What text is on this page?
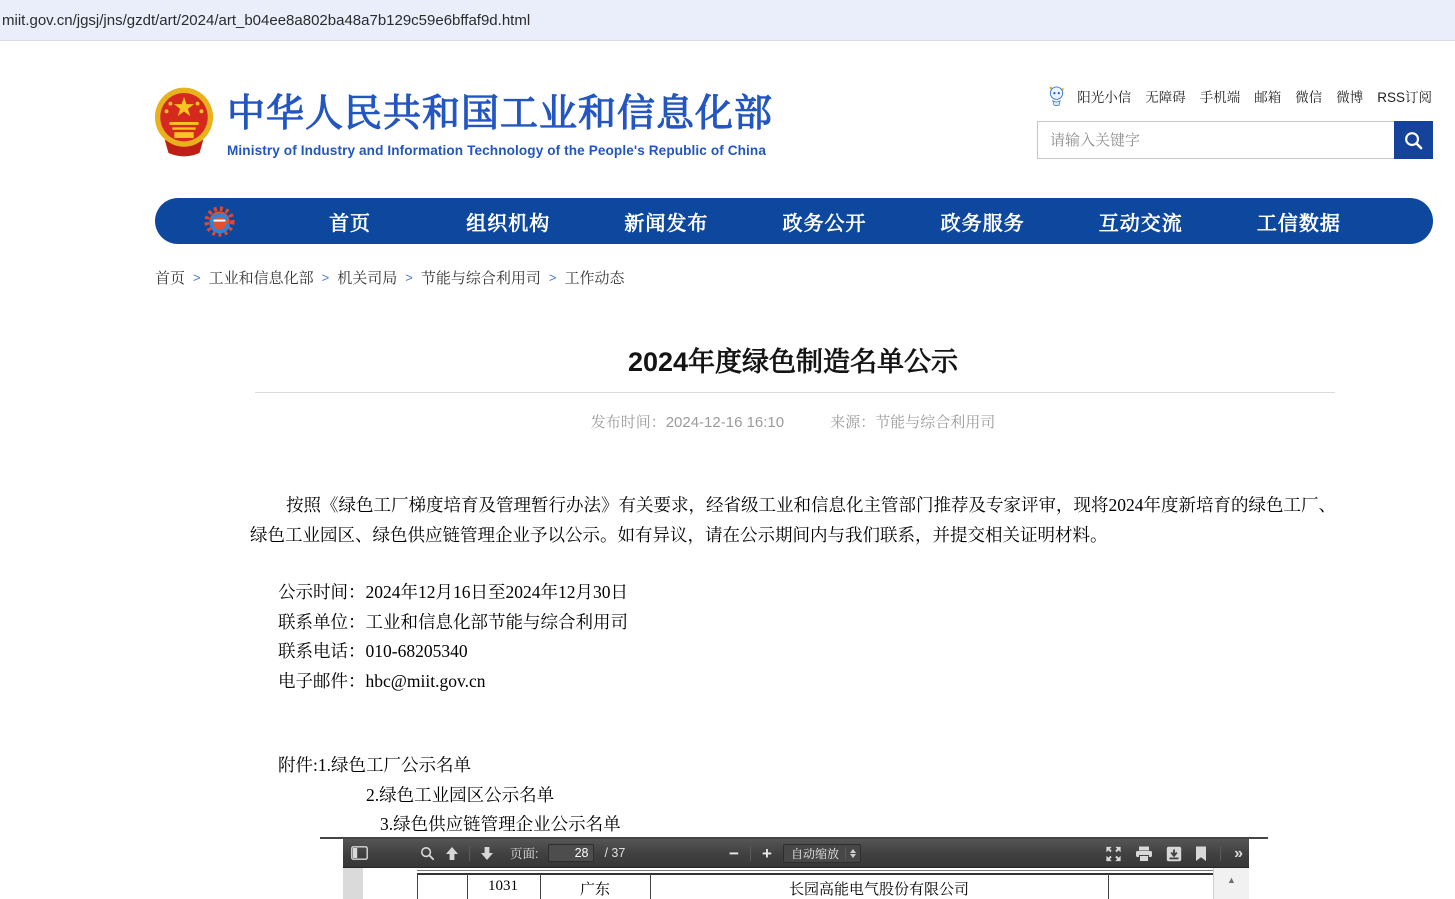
miit.gov.cn/jgsj/jns/gzdt/art/2024/art_b04ee8a802ba48a7b129c59e6bffaf9d.html
中华人民共和国工业和信息化部
Ministry of Industry and Information Technology of the People's Republic of China
阳光小信 无障碍 手机端 邮箱 微信 微博 RSS订阅
请输入关键字
首页	组织机构	新闻发布	政务公开	政务服务	互动交流	工信数据
首页 > 工业和信息化部 > 机关司局 > 节能与综合利用司 > 工作动态
2024年度绿色制造名单公示
发布时间：2024-12-16 16:10	来源：节能与综合利用司
按照《绿色工厂梯度培育及管理暂行办法》有关要求，经省级工业和信息化主管部门推荐及专家评审，现将2024年度新培育的绿色工厂、绿色工业园区、绿色供应链管理企业予以公示。如有异议，请在公示期间内与我们联系，并提交相关证明材料。
公示时间：2024年12月16日至2024年12月30日
联系单位：工业和信息化部节能与综合利用司
联系电话：010-68205340
电子邮件：hbc@miit.gov.cn
附件:1.绿色工厂公示名单
2.绿色工业园区公示名单
3.绿色供应链管理企业公示名单
页面:
28	/ 37	− + 自动缩放	»
1031	广东	长园高能电气股份有限公司
▲
